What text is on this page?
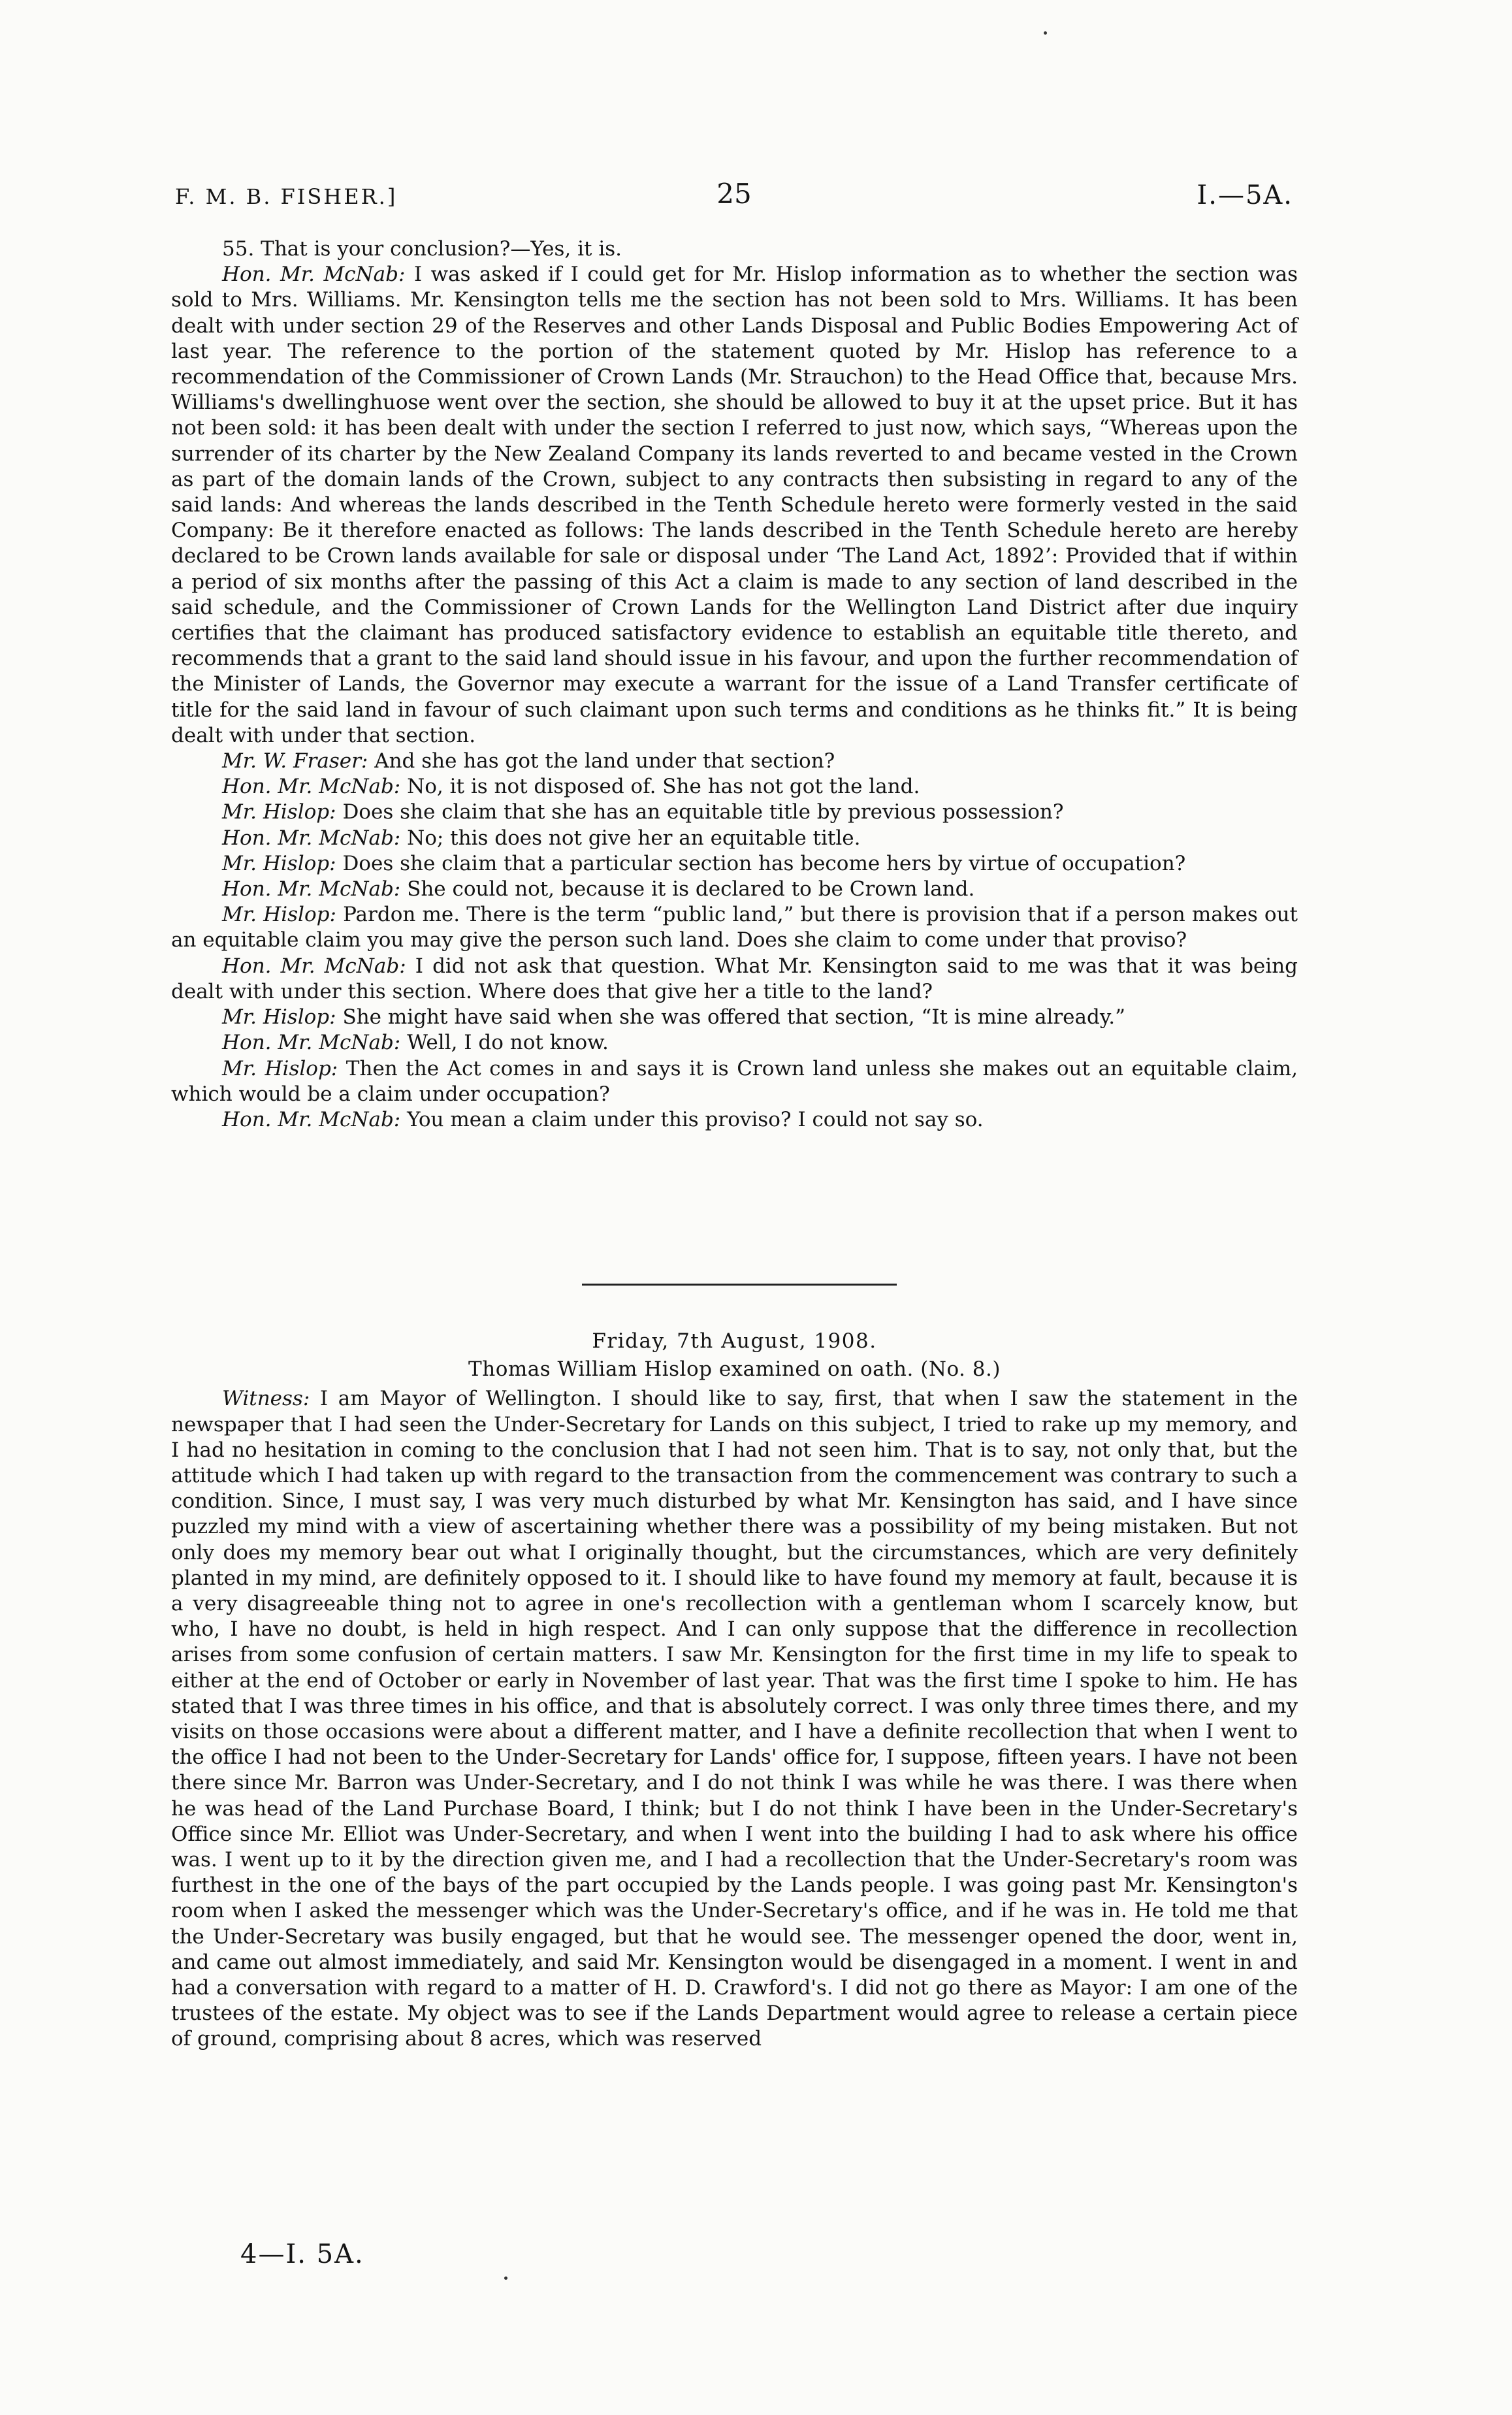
F. M. B. FISHER.]	25	I.—5A.

55. That is your conclusion?—Yes, it is.

Hon. Mr. McNab: I was asked if I could get for Mr. Hislop information as to whether the section was sold to Mrs. Williams. Mr. Kensington tells me the section has not been sold to Mrs. Williams. It has been dealt with under section 29 of the Reserves and other Lands Disposal and Public Bodies Empowering Act of last year. The reference to the portion of the statement quoted by Mr. Hislop has reference to a recommendation of the Commissioner of Crown Lands (Mr. Strauchon) to the Head Office that, because Mrs. Williams's dwellinghuose went over the section, she should be allowed to buy it at the upset price. But it has not been sold: it has been dealt with under the section I referred to just now, which says, “Whereas upon the surrender of its charter by the New Zealand Company its lands reverted to and became vested in the Crown as part of the domain lands of the Crown, subject to any contracts then subsisting in regard to any of the said lands: And whereas the lands described in the Tenth Schedule hereto were formerly vested in the said Company: Be it therefore enacted as follows: The lands described in the Tenth Schedule hereto are hereby declared to be Crown lands available for sale or disposal under ‘The Land Act, 1892’: Provided that if within a period of six months after the passing of this Act a claim is made to any section of land described in the said schedule, and the Commissioner of Crown Lands for the Wellington Land District after due inquiry certifies that the claimant has produced satisfactory evidence to establish an equitable title thereto, and recommends that a grant to the said land should issue in his favour, and upon the further recommendation of the Minister of Lands, the Governor may execute a warrant for the issue of a Land Transfer certificate of title for the said land in favour of such claimant upon such terms and conditions as he thinks fit.” It is being dealt with under that section.

Mr. W. Fraser: And she has got the land under that section?

Hon. Mr. McNab: No, it is not disposed of. She has not got the land.

Mr. Hislop: Does she claim that she has an equitable title by previous possession?

Hon. Mr. McNab: No; this does not give her an equitable title.

Mr. Hislop: Does she claim that a particular section has become hers by virtue of occupation?

Hon. Mr. McNab: She could not, because it is declared to be Crown land.

Mr. Hislop: Pardon me. There is the term “public land,” but there is provision that if a person makes out an equitable claim you may give the person such land. Does she claim to come under that proviso?

Hon. Mr. McNab: I did not ask that question. What Mr. Kensington said to me was that it was being dealt with under this section. Where does that give her a title to the land?

Mr. Hislop: She might have said when she was offered that section, “It is mine already.”

Hon. Mr. McNab: Well, I do not know.

Mr. Hislop: Then the Act comes in and says it is Crown land unless she makes out an equitable claim, which would be a claim under occupation?

Hon. Mr. McNab: You mean a claim under this proviso? I could not say so.

Friday, 7th August, 1908.

Thomas William Hislop examined on oath. (No. 8.)

Witness: I am Mayor of Wellington. I should like to say, first, that when I saw the statement in the newspaper that I had seen the Under-Secretary for Lands on this subject, I tried to rake up my memory, and I had no hesitation in coming to the conclusion that I had not seen him. That is to say, not only that, but the attitude which I had taken up with regard to the transaction from the commencement was contrary to such a condition. Since, I must say, I was very much disturbed by what Mr. Kensington has said, and I have since puzzled my mind with a view of ascertaining whether there was a possibility of my being mistaken. But not only does my memory bear out what I originally thought, but the circumstances, which are very definitely planted in my mind, are definitely opposed to it. I should like to have found my memory at fault, because it is a very disagreeable thing not to agree in one's recollection with a gentleman whom I scarcely know, but who, I have no doubt, is held in high respect. And I can only suppose that the difference in recollection arises from some confusion of certain matters. I saw Mr. Kensington for the first time in my life to speak to either at the end of October or early in November of last year. That was the first time I spoke to him. He has stated that I was three times in his office, and that is absolutely correct. I was only three times there, and my visits on those occasions were about a different matter, and I have a definite recollection that when I went to the office I had not been to the Under-Secretary for Lands' office for, I suppose, fifteen years. I have not been there since Mr. Barron was Under-Secretary, and I do not think I was while he was there. I was there when he was head of the Land Purchase Board, I think; but I do not think I have been in the Under-Secretary's Office since Mr. Elliot was Under-Secretary, and when I went into the building I had to ask where his office was. I went up to it by the direction given me, and I had a recollection that the Under-Secretary's room was furthest in the one of the bays of the part occupied by the Lands people. I was going past Mr. Kensington's room when I asked the messenger which was the Under-Secretary's office, and if he was in. He told me that the Under-Secretary was busily engaged, but that he would see. The messenger opened the door, went in, and came out almost immediately, and said Mr. Kensington would be disengaged in a moment. I went in and had a conversation with regard to a matter of H. D. Crawford's. I did not go there as Mayor: I am one of the trustees of the estate. My object was to see if the Lands Department would agree to release a certain piece of ground, comprising about 8 acres, which was reserved

4—I. 5A.
